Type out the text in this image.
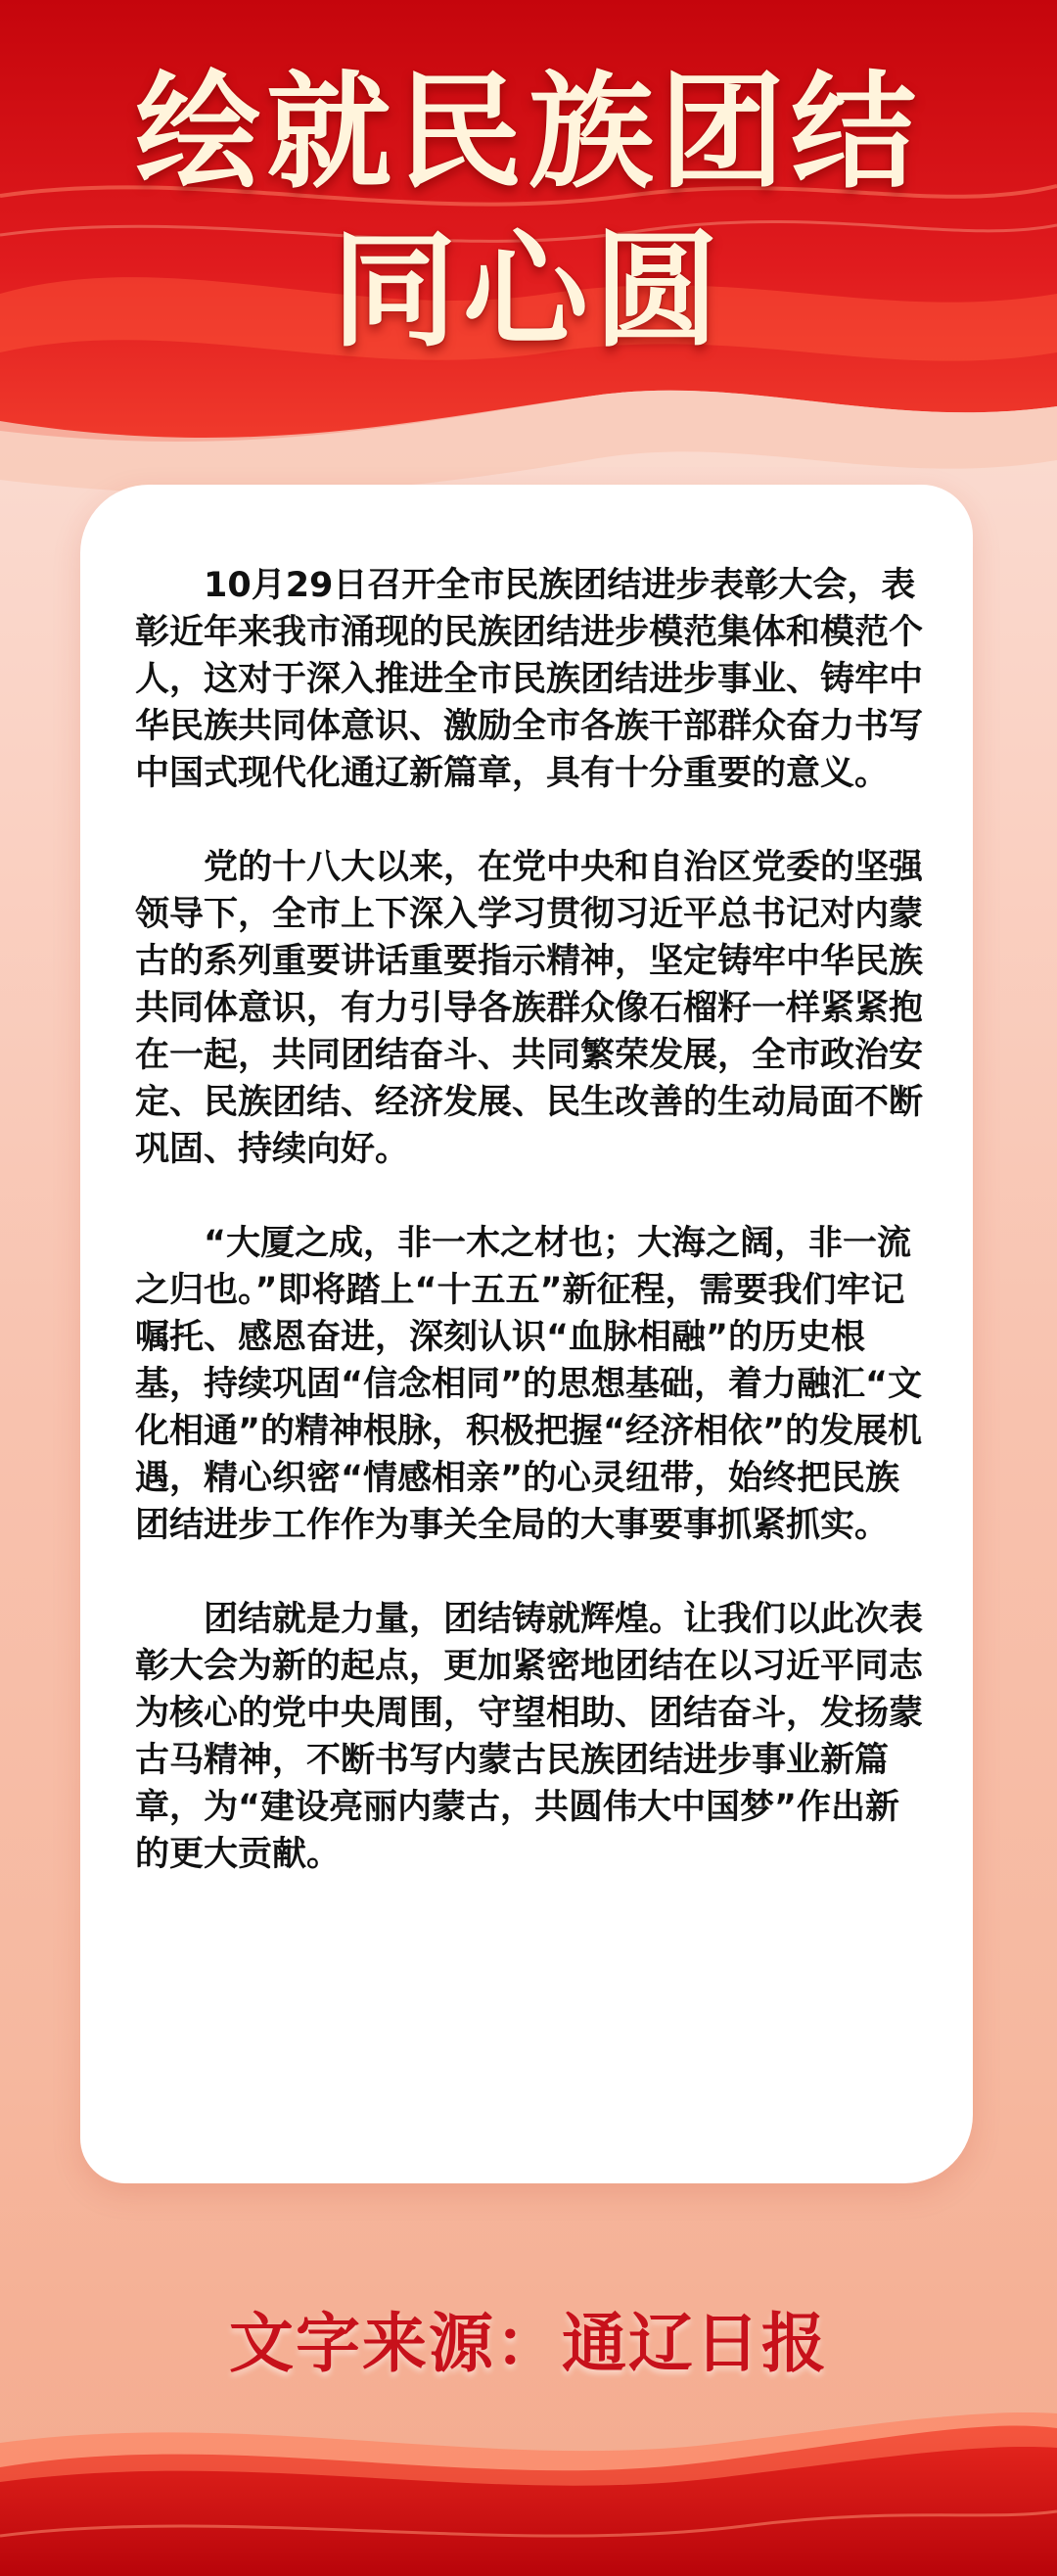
绘就民族团结
同心圆

10月29日召开全市民族团结进步表彰大会，表彰近年来我市涌现的民族团结进步模范集体和模范个人，这对于深入推进全市民族团结进步事业、铸牢中华民族共同体意识、激励全市各族干部群众奋力书写中国式现代化通辽新篇章，具有十分重要的意义。

党的十八大以来，在党中央和自治区党委的坚强领导下，全市上下深入学习贯彻习近平总书记对内蒙古的系列重要讲话重要指示精神，坚定铸牢中华民族共同体意识，有力引导各族群众像石榴籽一样紧紧抱在一起，共同团结奋斗、共同繁荣发展，全市政治安定、民族团结、经济发展、民生改善的生动局面不断巩固、持续向好。

“大厦之成，非一木之材也；大海之阔，非一流之归也。”即将踏上“十五五”新征程，需要我们牢记嘱托、感恩奋进，深刻认识“血脉相融”的历史根基，持续巩固“信念相同”的思想基础，着力融汇“文化相通”的精神根脉，积极把握“经济相依”的发展机遇，精心织密“情感相亲”的心灵纽带，始终把民族团结进步工作作为事关全局的大事要事抓紧抓实。

团结就是力量，团结铸就辉煌。让我们以此次表彰大会为新的起点，更加紧密地团结在以习近平同志为核心的党中央周围，守望相助、团结奋斗，发扬蒙古马精神，不断书写内蒙古民族团结进步事业新篇章，为“建设亮丽内蒙古，共圆伟大中国梦”作出新的更大贡献。

文字来源：通辽日报
